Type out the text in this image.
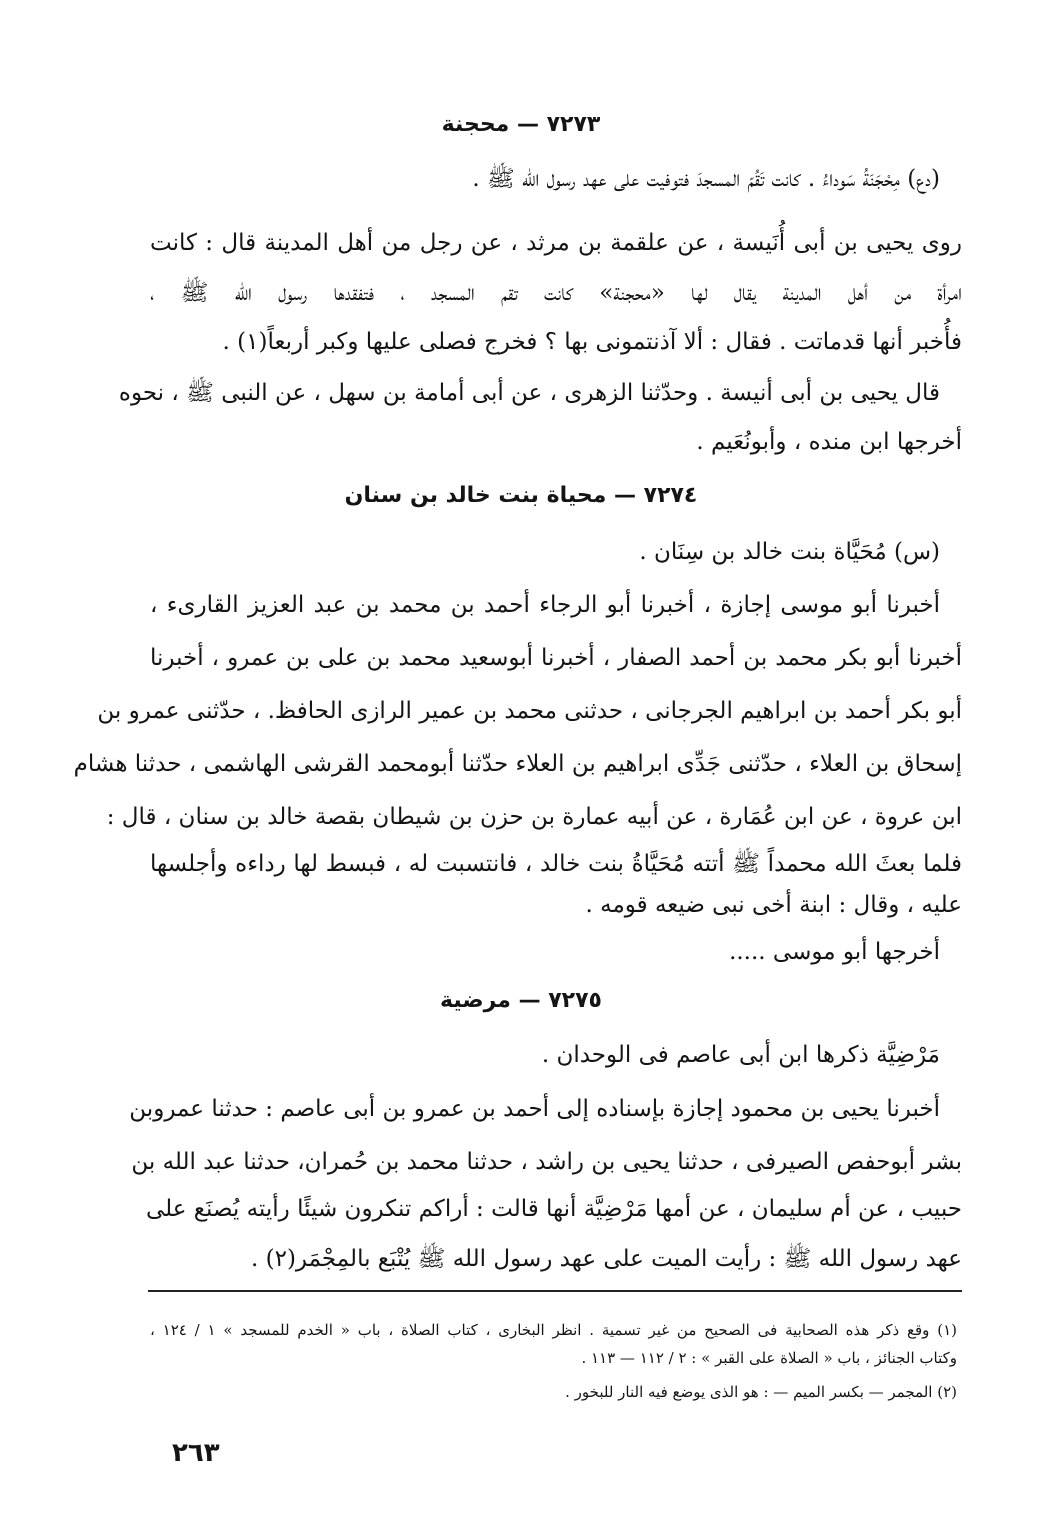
٧٢٧٣ — محجنة
(دع) مِحْجَنَةُ سَوداءُ . كانت تَقُمّ المسجدَ فتوفيت على عهد رسول الله ﷺ .
روى يحيى بن أبى أُنَيسة ، عن علقمة بن مرثد ، عن رجل من أهل المدينة قال : كانت
امرأة من أهل المدينة يقال لها «محجنة» كانت تقم المسجد ، فتفقدها رسول الله ﷺ ،
فأُخبر أنها قدماتت . فقال : ألا آذنتمونى بها ؟ فخرج فصلى عليها وكبر أربعاً(١) .
قال يحيى بن أبى أنيسة . وحدّثنا الزهرى ، عن أبى أمامة بن سهل ، عن النبى ﷺ ، نحوه
أخرجها ابن منده ، وأبونُعَيم .
٧٢٧٤ — محياة بنت خالد بن سنان
(س) مُحَيَّاة بنت خالد بن سِنَان .
أخبرنا أبو موسى إجازة ، أخبرنا أبو الرجاء أحمد بن محمد بن عبد العزيز القارىء ،
أخبرنا أبو بكر محمد بن أحمد الصفار ، أخبرنا أبوسعيد محمد بن على بن عمرو ، أخبرنا
أبو بكر أحمد بن ابراهيم الجرجانى ، حدثنى محمد بن عمير الرازى الحافظ. ، حدّثنى عمرو بن
إسحاق بن العلاء ، حدّثنى جَدِّى ابراهيم بن العلاء حدّثنا أبومحمد القرشى الهاشمى ، حدثنا هشام
ابن عروة ، عن ابن عُمَارة ، عن أبيه عمارة بن حزن بن شيطان بقصة خالد بن سنان ، قال :
فلما بعثَ الله محمداً ﷺ أتته مُحَيَّاةُ بنت خالد ، فانتسبت له ، فبسط لها رداءه وأجلسها
عليه ، وقال : ابنة أخى نبى ضيعه قومه .
أخرجها أبو موسى .....
٧٢٧٥ — مرضية
مَرْضِيَّة ذكرها ابن أبى عاصم فى الوحدان .
أخبرنا يحيى بن محمود إجازة بإسناده إلى أحمد بن عمرو بن أبى عاصم : حدثنا عمروبن
بشر أبوحفص الصيرفى ، حدثنا يحيى بن راشد ، حدثنا محمد بن حُمران، حدثنا عبد الله بن
حبيب ، عن أم سليمان ، عن أمها مَرْضِيَّة أنها قالت : أراكم تنكرون شيئًا رأيته يُصنَع على
عهد رسول الله ﷺ : رأيت الميت على عهد رسول الله ﷺ يُتْبَع بالمِجْمَر(٢) .
(١) وقع ذكر هذه الصحابية فى الصحيح من غير تسمية . انظر البخارى ، كتاب الصلاة ، باب « الخدم للمسجد » ١ / ١٢٤ ،
وكتاب الجنائز ، باب « الصلاة على القبر » : ٢ / ١١٢ — ١١٣ .
(٢) المجمر — بكسر الميم — : هو الذى يوضع فيه النار للبخور .
٢٦٣
